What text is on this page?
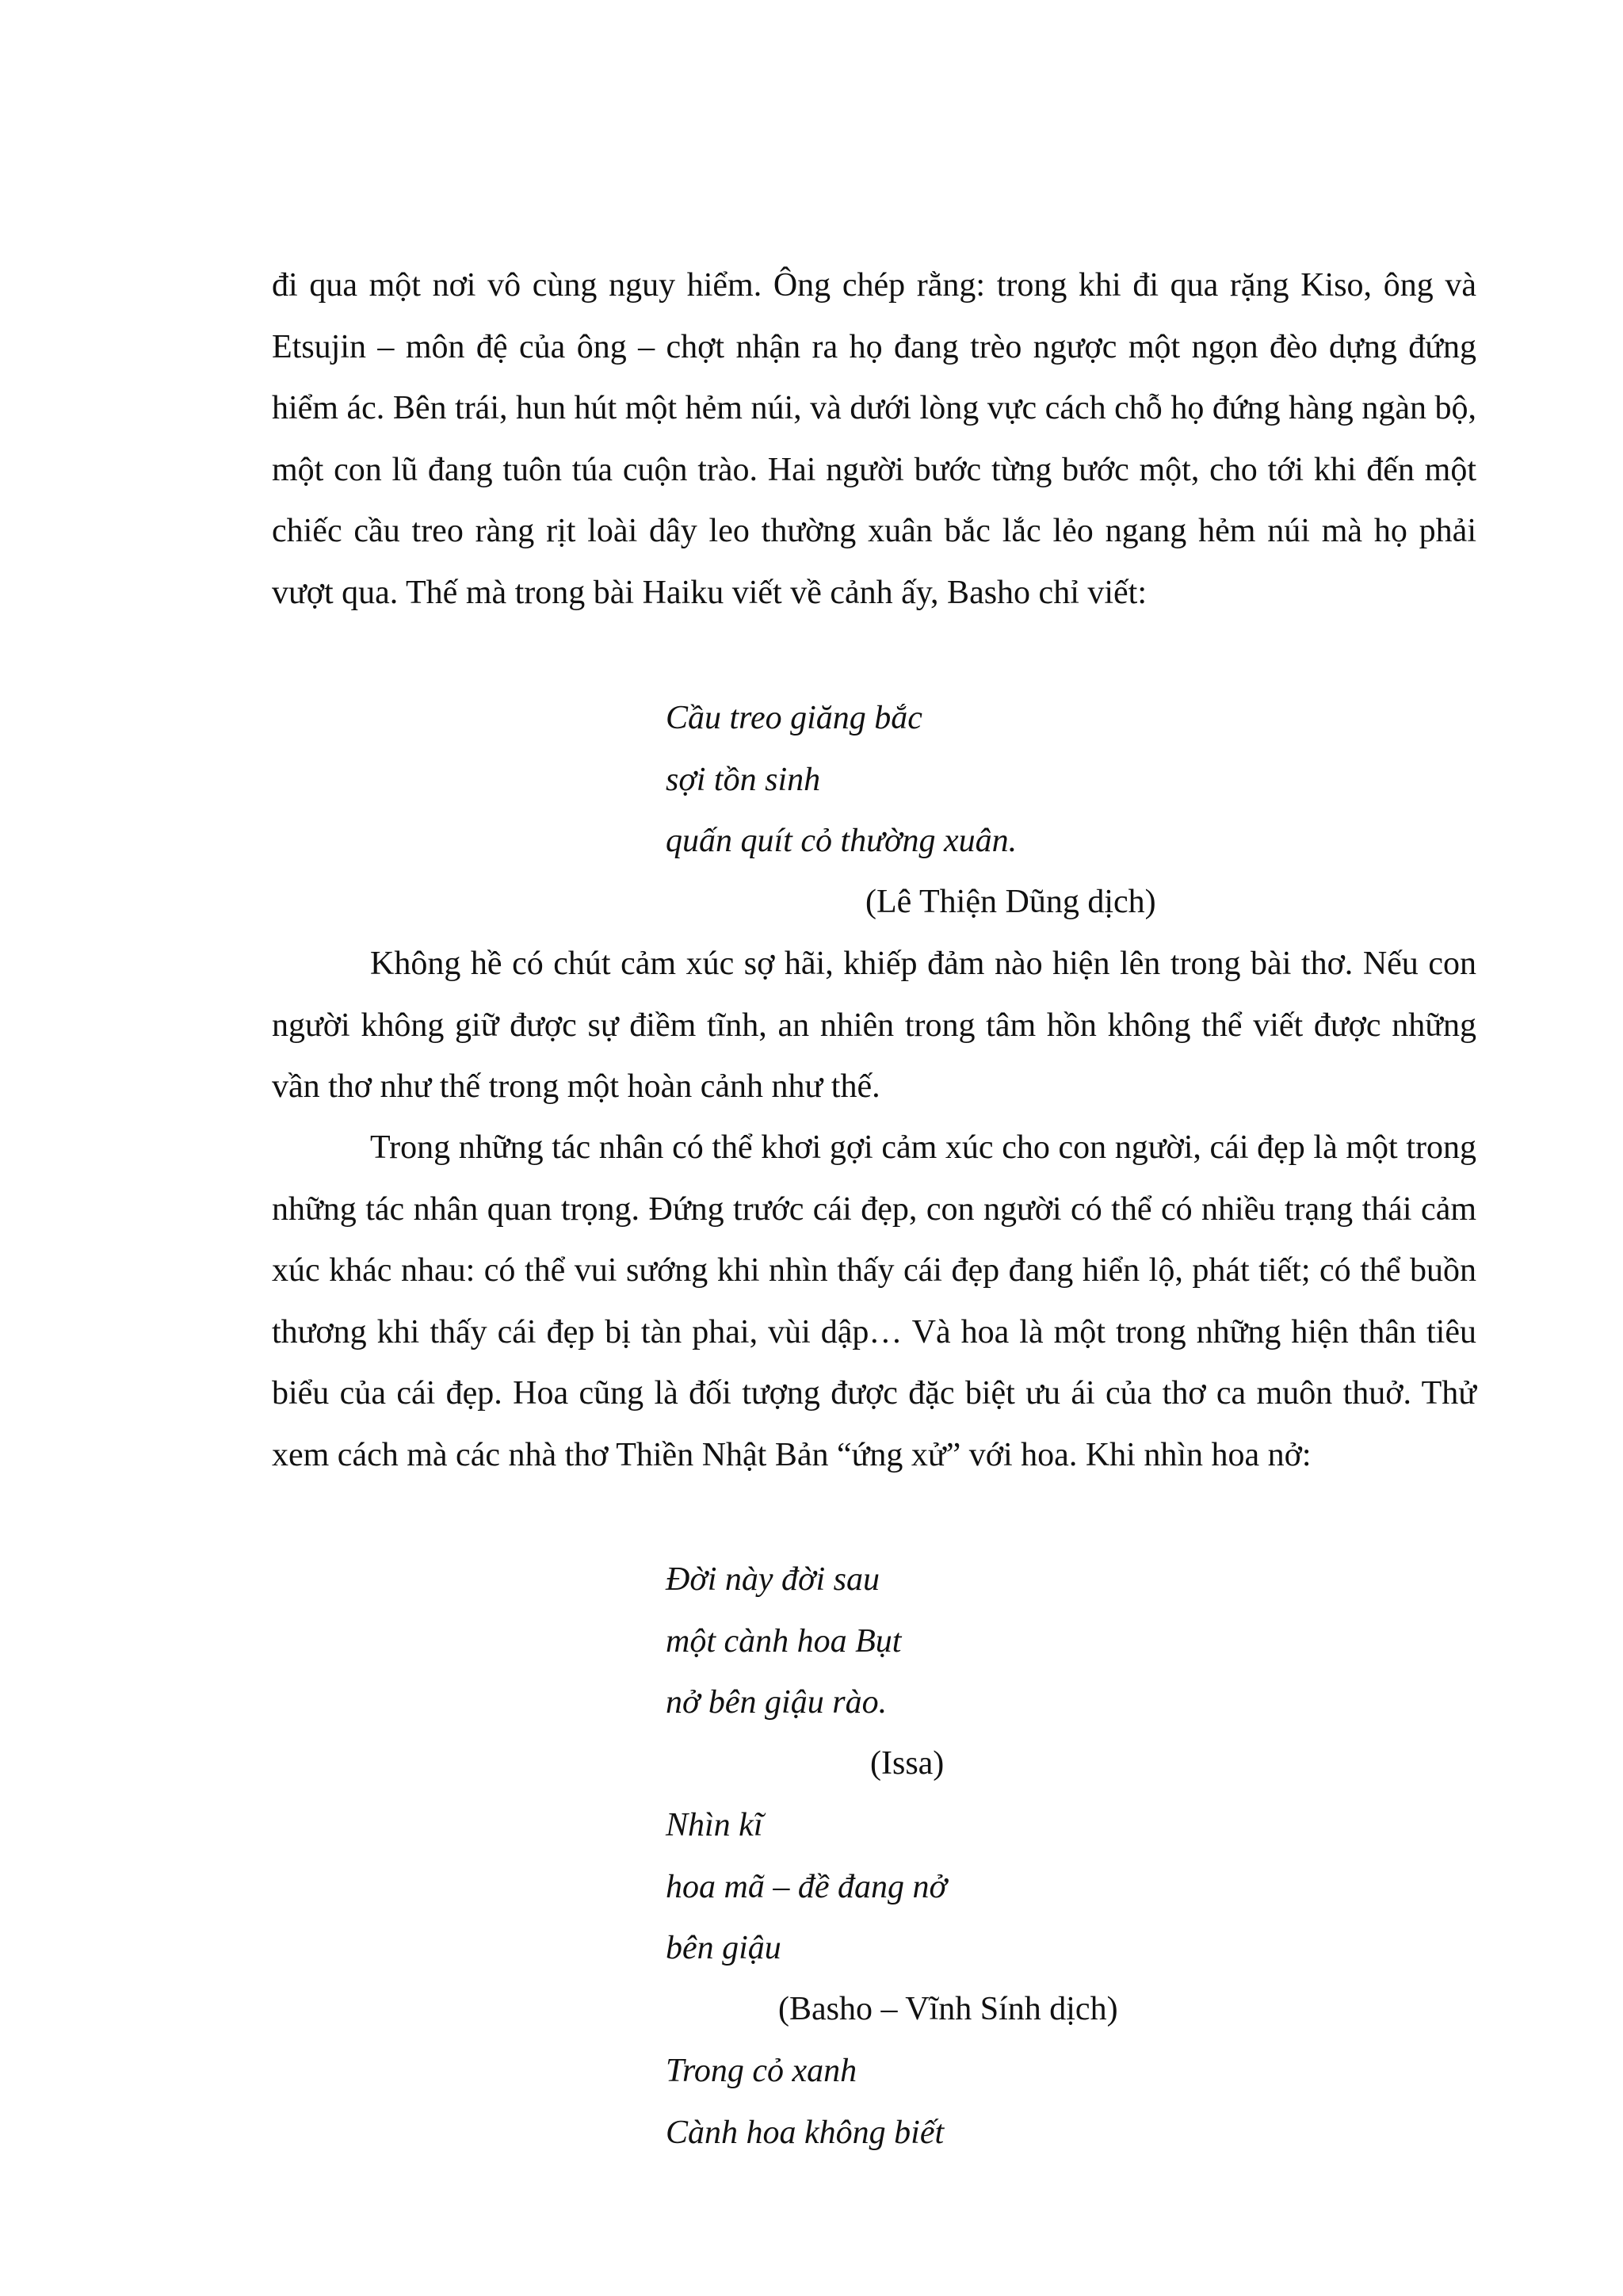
đi qua một nơi vô cùng nguy hiểm. Ông chép rằng: trong khi đi qua rặng Kiso, ông và Etsujin – môn đệ của ông – chợt nhận ra họ đang trèo ngược một ngọn đèo dựng đứng hiểm ác. Bên trái, hun hút một hẻm núi, và dưới lòng vực cách chỗ họ đứng hàng ngàn bộ, một con lũ đang tuôn túa cuộn trào. Hai người bước từng bước một, cho tới khi đến một chiếc cầu treo ràng rịt loài dây leo thường xuân bắc lắc lẻo ngang hẻm núi mà họ phải vượt qua. Thế mà trong bài Haiku viết về cảnh ấy, Basho chỉ viết:

Cầu treo giăng bắc
sợi tồn sinh
quấn quít cỏ thường xuân.
(Lê Thiện Dũng dịch)

Không hề có chút cảm xúc sợ hãi, khiếp đảm nào hiện lên trong bài thơ. Nếu con người không giữ được sự điềm tĩnh, an nhiên trong tâm hồn không thể viết được những vần thơ như thế trong một hoàn cảnh như thế.

Trong những tác nhân có thể khơi gợi cảm xúc cho con người, cái đẹp là một trong những tác nhân quan trọng. Đứng trước cái đẹp, con người có thể có nhiều trạng thái cảm xúc khác nhau: có thể vui sướng khi nhìn thấy cái đẹp đang hiển lộ, phát tiết; có thể buồn thương khi thấy cái đẹp bị tàn phai, vùi dập… Và hoa là một trong những hiện thân tiêu biểu của cái đẹp. Hoa cũng là đối tượng được đặc biệt ưu ái của thơ ca muôn thuở. Thử xem cách mà các nhà thơ Thiền Nhật Bản “ứng xử” với hoa. Khi nhìn hoa nở:

Đời này đời sau
một cành hoa Bụt
nở bên giậu rào.
(Issa)
Nhìn kĩ
hoa mã – đề đang nở
bên giậu
(Basho – Vĩnh Sính dịch)
Trong cỏ xanh
Cành hoa không biết
